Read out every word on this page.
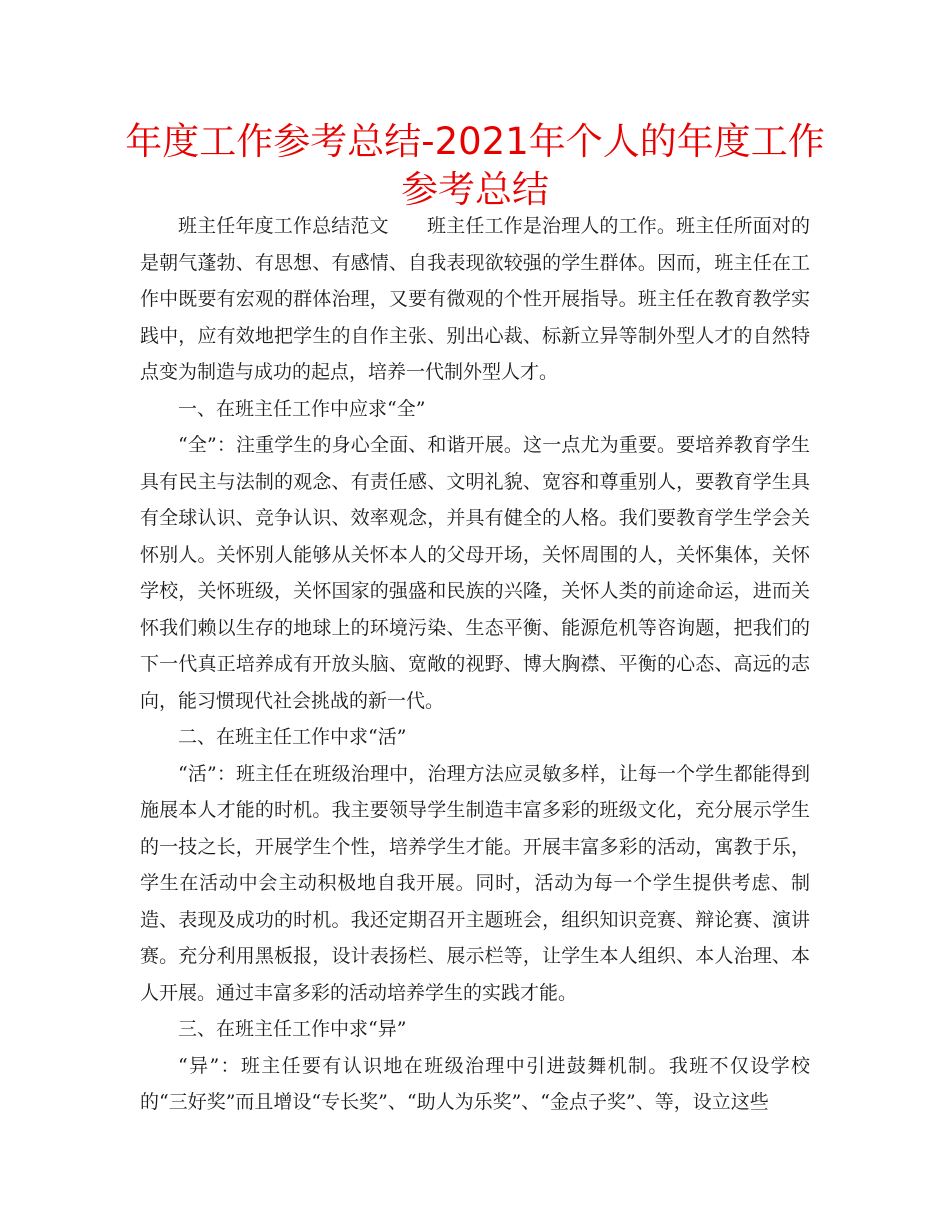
年度工作参考总结-2021年个人的年度工作参考总结

班主任年度工作总结范文　　班主任工作是治理人的工作。班主任所面对的是朝气蓬勃、有思想、有感情、自我表现欲较强的学生群体。因而，班主任在工作中既要有宏观的群体治理，又要有微观的个性开展指导。班主任在教育教学实践中，应有效地把学生的自作主张、别出心裁、标新立异等制外型人才的自然特点变为制造与成功的起点，培养一代制外型人才。

一、在班主任工作中应求“全”

“全”：注重学生的身心全面、和谐开展。这一点尤为重要。要培养教育学生具有民主与法制的观念、有责任感、文明礼貌、宽容和尊重别人，要教育学生具有全球认识、竞争认识、效率观念，并具有健全的人格。我们要教育学生学会关怀别人。关怀别人能够从关怀本人的父母开场，关怀周围的人，关怀集体，关怀学校，关怀班级，关怀国家的强盛和民族的兴隆，关怀人类的前途命运，进而关怀我们赖以生存的地球上的环境污染、生态平衡、能源危机等咨询题，把我们的下一代真正培养成有开放头脑、宽敞的视野、博大胸襟、平衡的心态、高远的志向，能习惯现代社会挑战的新一代。

二、在班主任工作中求“活”

“活”：班主任在班级治理中，治理方法应灵敏多样，让每一个学生都能得到施展本人才能的时机。我主要领导学生制造丰富多彩的班级文化，充分展示学生的一技之长，开展学生个性，培养学生才能。开展丰富多彩的活动，寓教于乐，学生在活动中会主动积极地自我开展。同时，活动为每一个学生提供考虑、制造、表现及成功的时机。我还定期召开主题班会，组织知识竞赛、辩论赛、演讲赛。充分利用黑板报，设计表扬栏、展示栏等，让学生本人组织、本人治理、本人开展。通过丰富多彩的活动培养学生的实践才能。

三、在班主任工作中求“异”

“异”：班主任要有认识地在班级治理中引进鼓舞机制。我班不仅设学校的“三好奖”而且增设“专长奖”、“助人为乐奖”、“金点子奖”、等，设立这些
